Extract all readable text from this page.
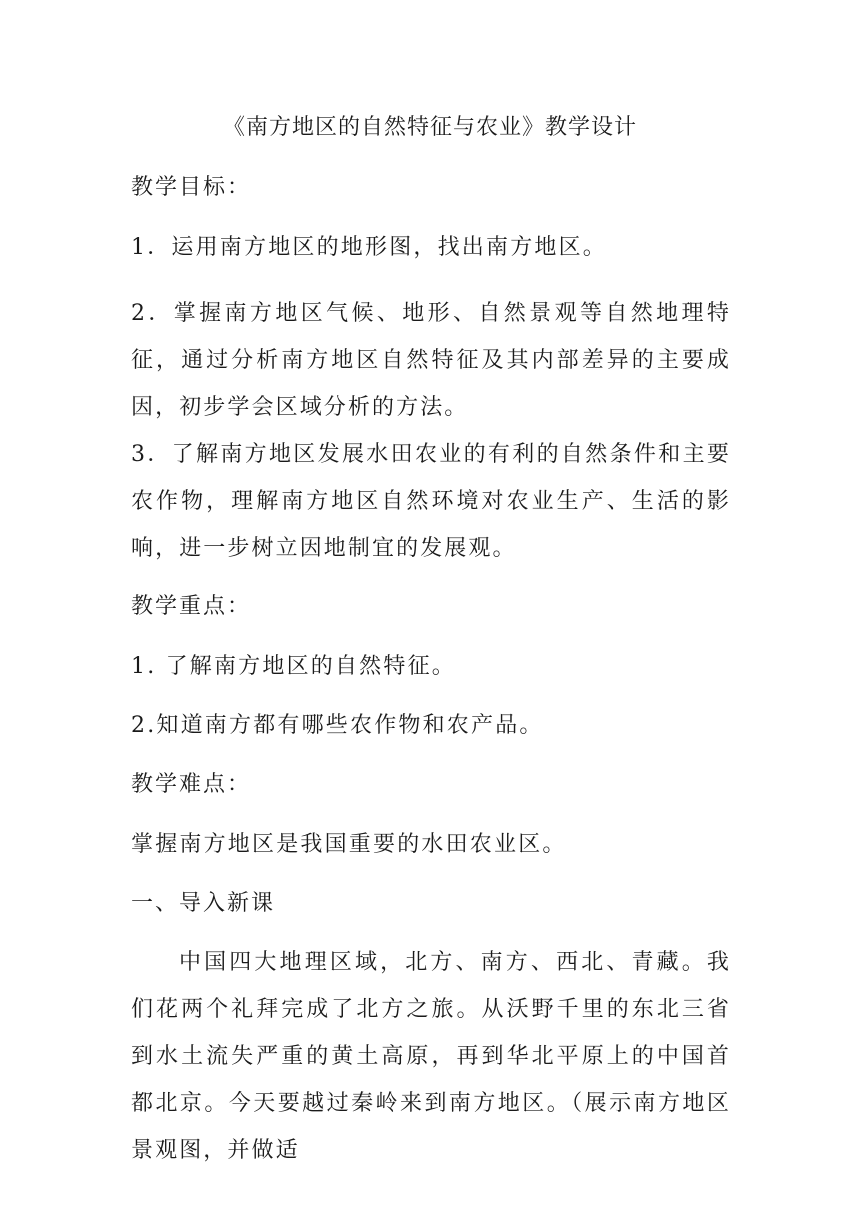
《南方地区的自然特征与农业》教学设计
教学目标：
1．运用南方地区的地形图，找出南方地区。
2．掌握南方地区气候、地形、自然景观等自然地理特征，通过分析南方地区自然特征及其内部差异的主要成因，初步学会区域分析的方法。
3．了解南方地区发展水田农业的有利的自然条件和主要农作物，理解南方地区自然环境对农业生产、生活的影响，进一步树立因地制宜的发展观。
教学重点：
1. 了解南方地区的自然特征。
2.知道南方都有哪些农作物和农产品。
教学难点：
掌握南方地区是我国重要的水田农业区。
一、导入新课
中国四大地理区域，北方、南方、西北、青藏。我们花两个礼拜完成了北方之旅。从沃野千里的东北三省到水土流失严重的黄土高原，再到华北平原上的中国首都北京。今天要越过秦岭来到南方地区。（展示南方地区景观图，并做适
